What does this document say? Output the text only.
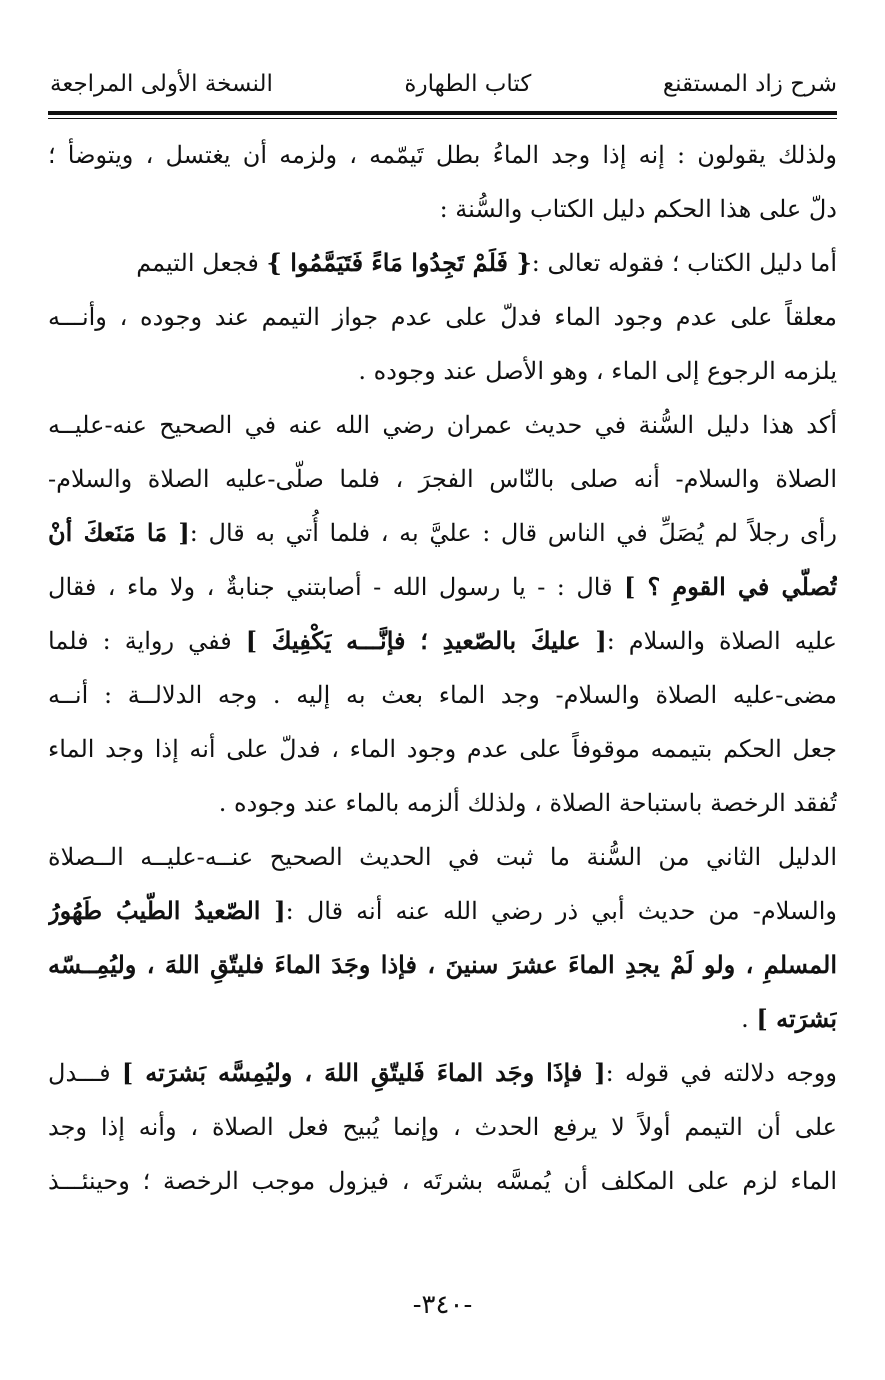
شرح زاد المستقنع
كتاب الطهارة
النسخة الأولى المراجعة
ولذلك يقولون : إنه إذا وجد الماءُ بطل تَيمّمه ، ولزمه أن يغتسل ، ويتوضأ ؛
دلّ على هذا الحكم دليل الكتاب والسُّنة :
أما دليل الكتاب ؛ فقوله تعالى :{ فَلَمْ تَجِدُوا مَاءً فَتَيَمَّمُوا } فجعل التيمم
معلقاً على عدم وجود الماء فدلّ على عدم جواز التيمم عند وجوده ، وأنـــه
يلزمه الرجوع إلى الماء ، وهو الأصل عند وجوده .
أكد هذا دليل السُّنة في حديث عمران رضي الله عنه في الصحيح عنه-عليــه
الصلاة والسلام- أنه صلى بالنّاس الفجرَ ، فلما صلّى-عليه الصلاة والسلام-
رأى رجلاً لم يُصَلِّ في الناس قال : عليَّ به ، فلما أُتي به قال :[ مَا مَنَعكَ أنْ
تُصلّي في القومِ ؟ ] قال : - يا رسول الله - أصابتني جنابةٌ ، ولا ماء ، فقال
عليه الصلاة والسلام :[ عليكَ بالصّعيدِ ؛ فإنَّـــه يَكْفِيكَ ] ففي رواية : فلما
مضى-عليه الصلاة والسلام- وجد الماء بعث به إليه . وجه الدلالــة : أنــه
جعل الحكم بتيممه موقوفاً على عدم وجود الماء ، فدلّ على أنه إذا وجد الماء
تُفقد الرخصة باستباحة الصلاة ، ولذلك ألزمه بالماء عند وجوده .
الدليل الثاني من السُّنة ما ثبت في الحديث الصحيح عنــه-عليــه الــصلاة
والسلام- من حديث أبي ذر رضي الله عنه أنه قال :[ الصّعيدُ الطّيبُ طَهُورُ
المسلمِ ، ولو لَمْ يجدِ الماءَ عشرَ سنينَ ، فإذا وجَدَ الماءَ فليتّقِ اللهَ ، وليُمِــسّه
بَشرَته ] .
ووجه دلالته في قوله :[ فإذَا وجَد الماءَ فَليتّقِ اللهَ ، وليُمِسَّه بَشرَته ] فـــدل
على أن التيمم أولاً لا يرفع الحدث ، وإنما يُبيح فعل الصلاة ، وأنه إذا وجد
الماء لزم على المكلف أن يُمسَّه بشرتَه ، فيزول موجب الرخصة ؛ وحينئـــذ
-٣٤٠-
